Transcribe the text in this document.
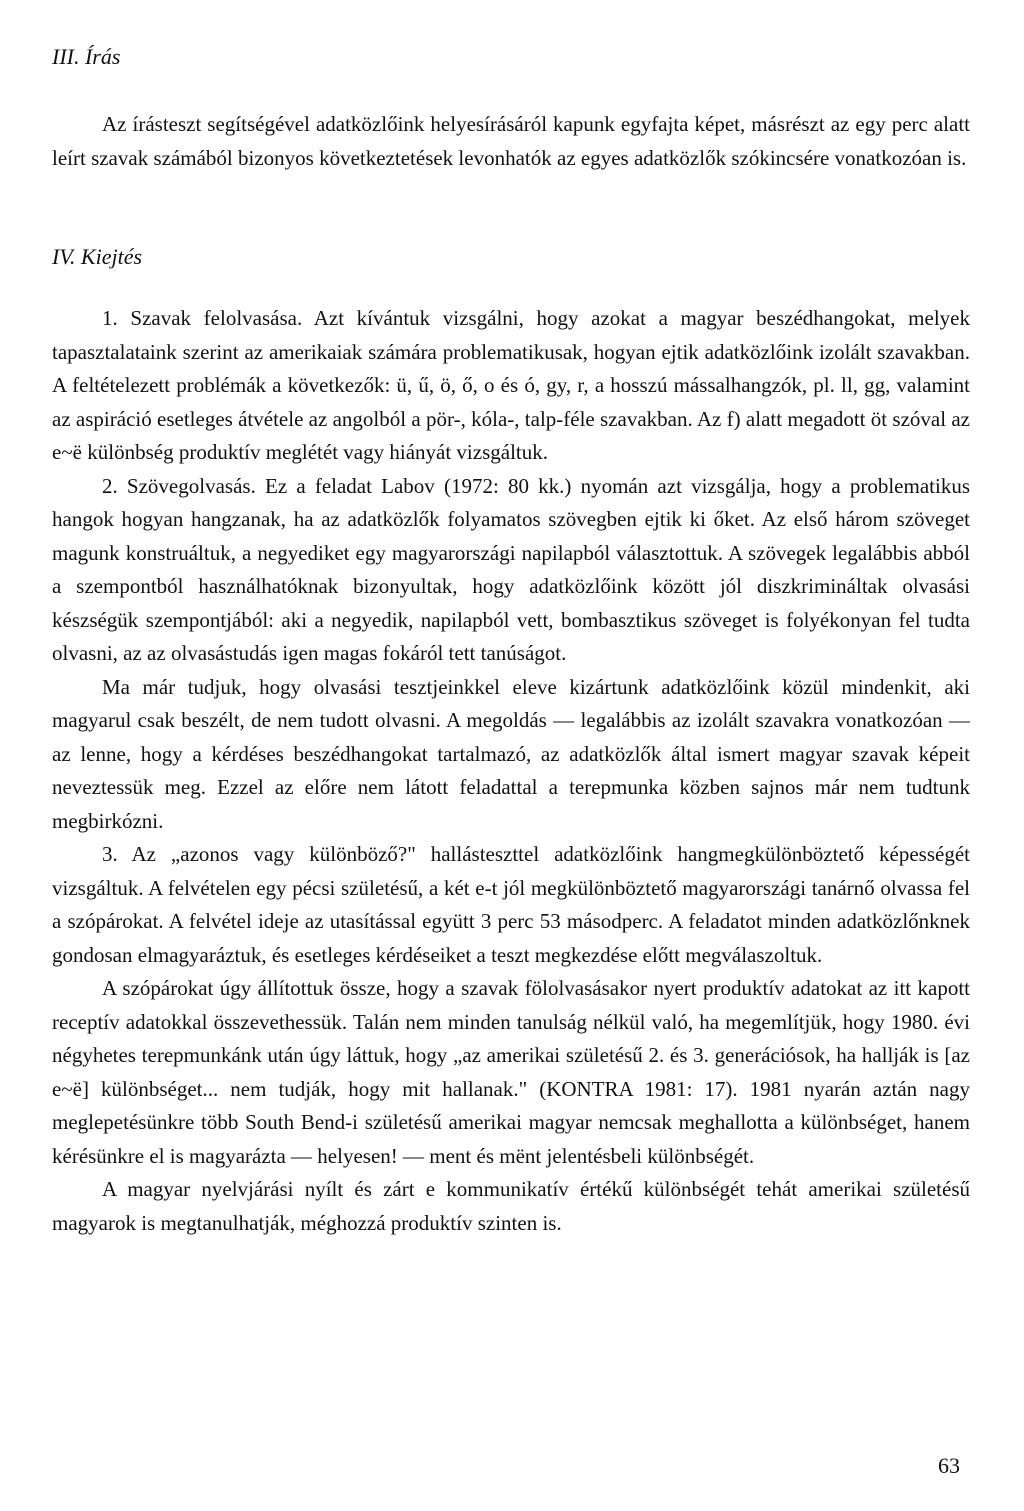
III. Írás

Az írásteszt segítségével adatközlőink helyesírásáról kapunk egyfajta képet, másrészt az egy perc alatt leírt szavak számából bizonyos következtetések levonhatók az egyes adatközlők szókincsére vonatkozóan is.

IV. Kiejtés

1. Szavak felolvasása. Azt kívántuk vizsgálni, hogy azokat a magyar beszédhangokat, melyek tapasztalataink szerint az amerikaiak számára problematikusak, hogyan ejtik adatközlőink izolált szavakban. A feltételezett problémák a következők: ü, ű, ö, ő, o és ó, gy, r, a hosszú mássalhangzók, pl. ll, gg, valamint az aspiráció esetleges átvétele az angolból a pör-, kóla-, talp-féle szavakban. Az f) alatt megadott öt szóval az e~ë különbség produktív meglétét vagy hiányát vizsgáltuk.

2. Szövegolvasás. Ez a feladat Labov (1972: 80 kk.) nyomán azt vizsgálja, hogy a problematikus hangok hogyan hangzanak, ha az adatközlők folyamatos szövegben ejtik ki őket. Az első három szöveget magunk konstruáltuk, a negyediket egy magyarországi napilapból választottuk. A szövegek legalábbis abból a szempontból használhatóknak bizonyultak, hogy adatközlőink között jól diszkrimináltak olvasási készségük szempontjából: aki a negyedik, napilapból vett, bombasztikus szöveget is folyékonyan fel tudta olvasni, az az olvasástudás igen magas fokáról tett tanúságot.

Ma már tudjuk, hogy olvasási tesztjeinkkel eleve kizártunk adatközlőink közül mindenkit, aki magyarul csak beszélt, de nem tudott olvasni. A megoldás — legalábbis az izolált szavakra vonatkozóan — az lenne, hogy a kérdéses beszédhangokat tartalmazó, az adatközlők által ismert magyar szavak képeit neveztessük meg. Ezzel az előre nem látott feladattal a terepmunka közben sajnos már nem tudtunk megbirkózni.

3. Az „azonos vagy különböző?" hallásteszttel adatközlőink hangmegkülönböztető képességét vizsgáltuk. A felvételen egy pécsi születésű, a két e-t jól megkülönböztető magyarországi tanárnő olvassa fel a szópárokat. A felvétel ideje az utasítással együtt 3 perc 53 másodperc. A feladatot minden adatközlőnknek gondosan elmagyaráztuk, és esetleges kérdéseiket a teszt megkezdése előtt megválaszoltuk.

A szópárokat úgy állítottuk össze, hogy a szavak fölolvasásakor nyert produktív adatokat az itt kapott receptív adatokkal összevethessük. Talán nem minden tanulság nélkül való, ha megemlítjük, hogy 1980. évi négyhetes terepmunkánk után úgy láttuk, hogy „az amerikai születésű 2. és 3. generációsok, ha hallják is [az e~ë] különbséget... nem tudják, hogy mit hallanak." (KONTRA 1981: 17). 1981 nyarán aztán nagy meglepetésünkre több South Bend-i születésű amerikai magyar nemcsak meghallotta a különbséget, hanem kérésünkre el is magyarázta — helyesen! — ment és mënt jelentésbeli különbségét.

A magyar nyelvjárási nyílt és zárt e kommunikatív értékű különbségét tehát amerikai születésű magyarok is megtanulhatják, méghozzá produktív szinten is.

63
